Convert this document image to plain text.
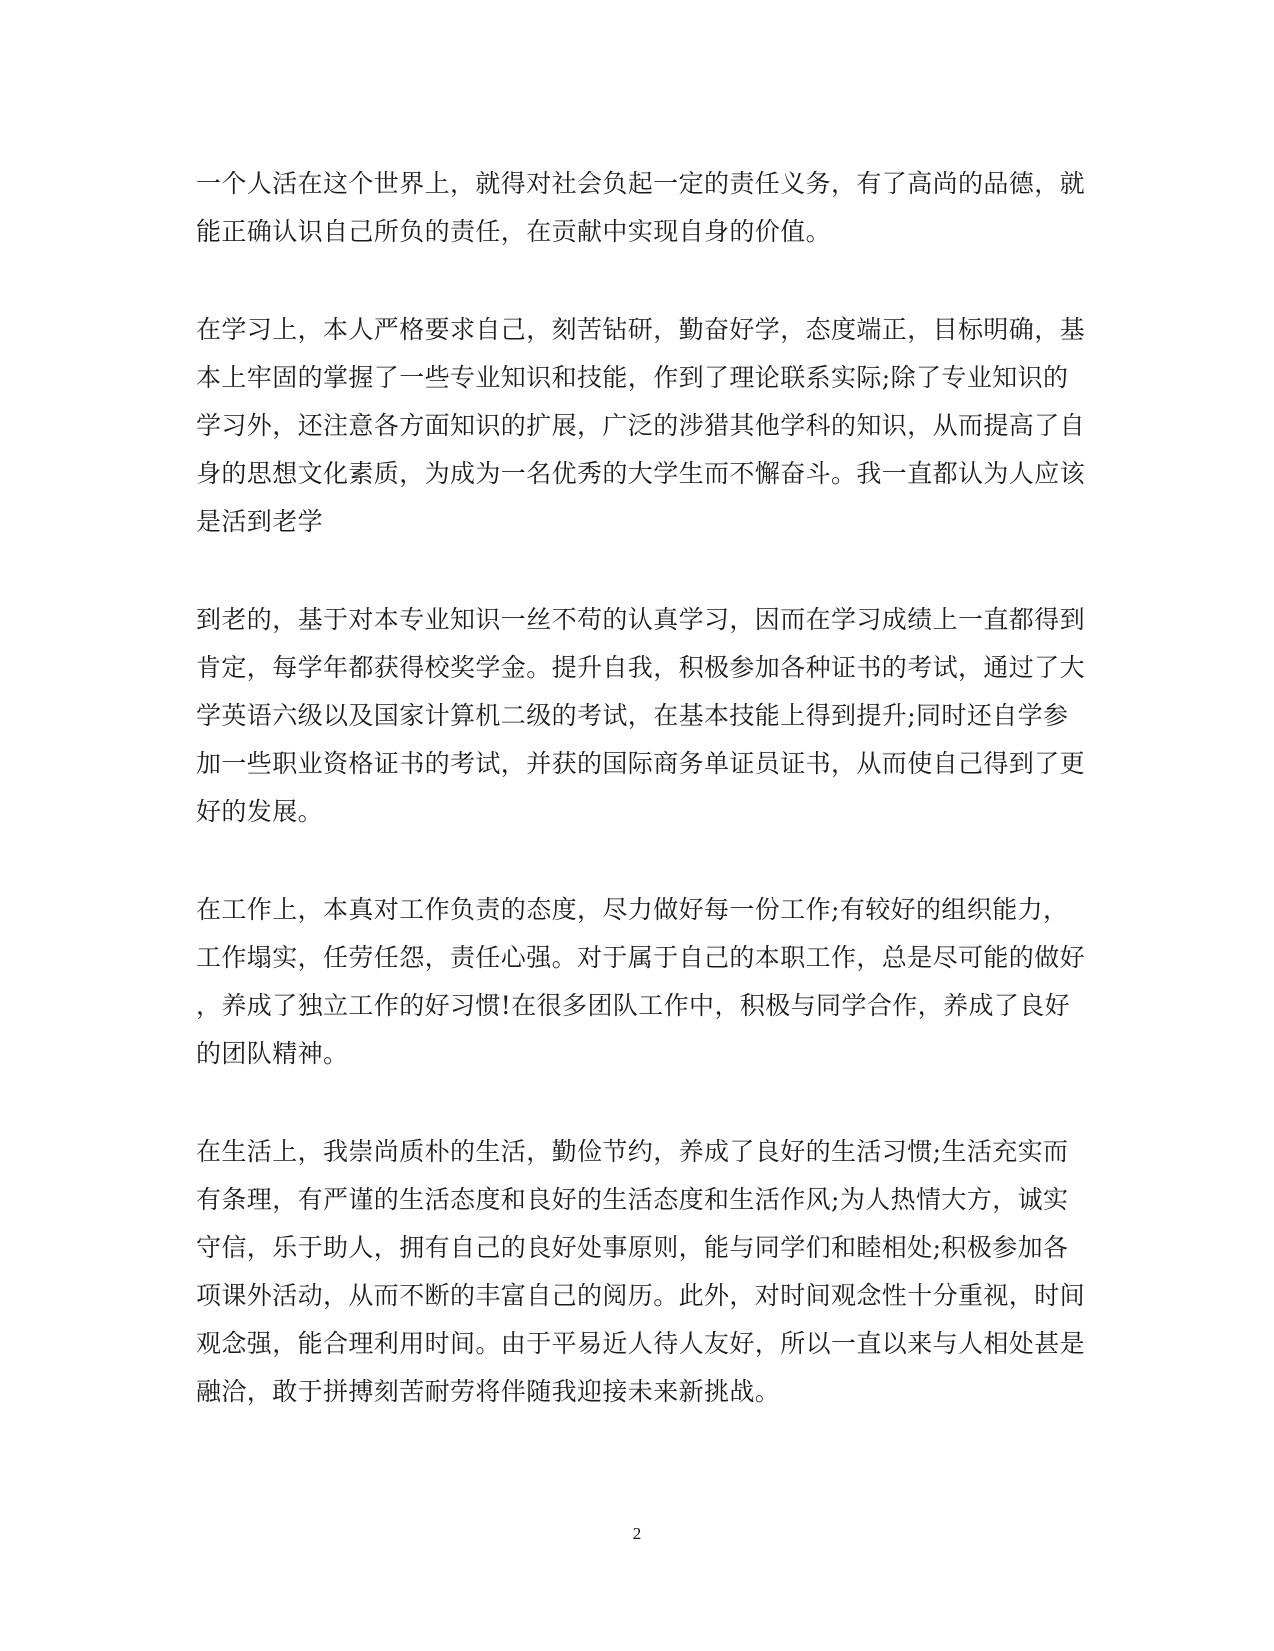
一个人活在这个世界上，就得对社会负起一定的责任义务，有了高尚的品德，就
能正确认识自己所负的责任，在贡献中实现自身的价值。
在学习上，本人严格要求自己，刻苦钻研，勤奋好学，态度端正，目标明确，基
本上牢固的掌握了一些专业知识和技能，作到了理论联系实际;除了专业知识的
学习外，还注意各方面知识的扩展，广泛的涉猎其他学科的知识，从而提高了自
身的思想文化素质，为成为一名优秀的大学生而不懈奋斗。我一直都认为人应该
是活到老学
到老的，基于对本专业知识一丝不苟的认真学习，因而在学习成绩上一直都得到
肯定，每学年都获得校奖学金。提升自我，积极参加各种证书的考试，通过了大
学英语六级以及国家计算机二级的考试，在基本技能上得到提升;同时还自学参
加一些职业资格证书的考试，并获的国际商务单证员证书，从而使自己得到了更
好的发展。
在工作上，本真对工作负责的态度，尽力做好每一份工作;有较好的组织能力，
工作塌实，任劳任怨，责任心强。对于属于自己的本职工作，总是尽可能的做好
，养成了独立工作的好习惯!在很多团队工作中，积极与同学合作，养成了良好
的团队精神。
在生活上，我崇尚质朴的生活，勤俭节约，养成了良好的生活习惯;生活充实而
有条理，有严谨的生活态度和良好的生活态度和生活作风;为人热情大方，诚实
守信，乐于助人，拥有自己的良好处事原则，能与同学们和睦相处;积极参加各
项课外活动，从而不断的丰富自己的阅历。此外，对时间观念性十分重视，时间
观念强，能合理利用时间。由于平易近人待人友好，所以一直以来与人相处甚是
融洽，敢于拼搏刻苦耐劳将伴随我迎接未来新挑战。
2
